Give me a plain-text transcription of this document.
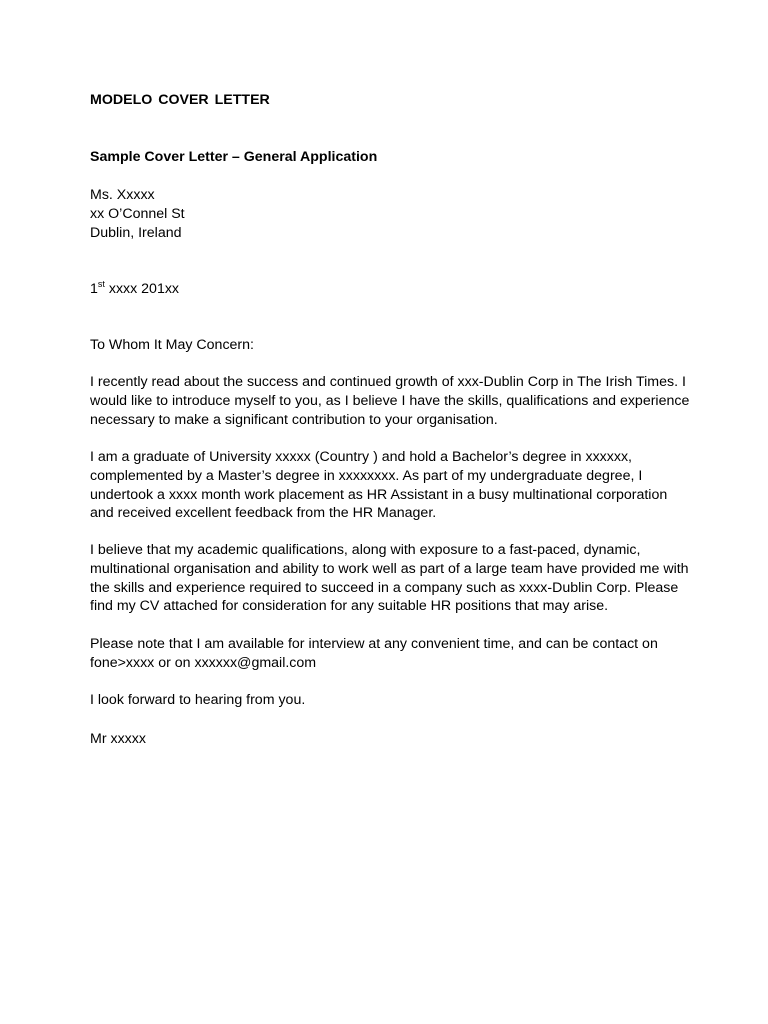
MODELO COVER LETTER
Sample Cover Letter – General Application
Ms. Xxxxx
xx O’Connel St
Dublin, Ireland
1st xxxx 201xx
To Whom It May Concern:

I recently read about the success and continued growth of xxx-Dublin Corp in The Irish Times. I would like to introduce myself to you, as I believe I have the skills, qualifications and experience necessary to make a significant contribution to your organisation.

I am a graduate of University xxxxx (Country ) and hold a Bachelor’s degree in xxxxxx, complemented by a Master’s degree in xxxxxxxx. As part of my undergraduate degree, I undertook a xxxx month work placement as HR Assistant in a busy multinational corporation and received excellent feedback from the HR Manager.

I believe that my academic qualifications, along with exposure to a fast-paced, dynamic, multinational organisation and ability to work well as part of a large team have provided me with the skills and experience required to succeed in a company such as xxxx-Dublin Corp. Please find my CV attached for consideration for any suitable HR positions that may arise.

Please note that I am available for interview at any convenient time, and can be contact on fone>xxxx or on xxxxxx@gmail.com

I look forward to hearing from you.
Mr xxxxx
